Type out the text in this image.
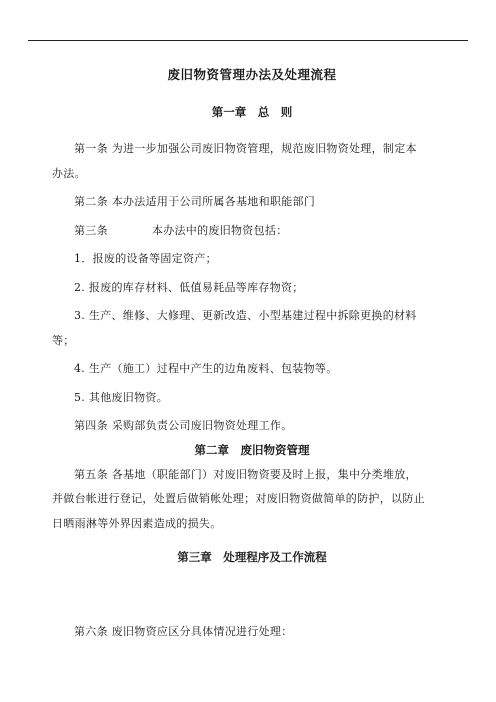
废旧物资管理办法及处理流程
第一章　总　则

第一条 为进一步加强公司废旧物资管理，规范废旧物资处理，制定本办法。

第二条 本办法适用于公司所属各基地和职能部门

第三条	本办法中的废旧物资包括：

1．报废的设备等固定资产；

2. 报废的库存材料、低值易耗品等库存物资；

3. 生产、维修、大修理、更新改造、小型基建过程中拆除更换的材料等；

4. 生产（施工）过程中产生的边角废料、包装物等。

5. 其他废旧物资。

第四条 采购部负责公司废旧物资处理工作。

第二章　废旧物资管理

第五条 各基地（职能部门）对废旧物资要及时上报，集中分类堆放，并做台帐进行登记，处置后做销帐处理；对废旧物资做简单的防护，以防止日晒雨淋等外界因素造成的损失。

第三章　处理程序及工作流程

第六条 废旧物资应区分具体情况进行处理：
